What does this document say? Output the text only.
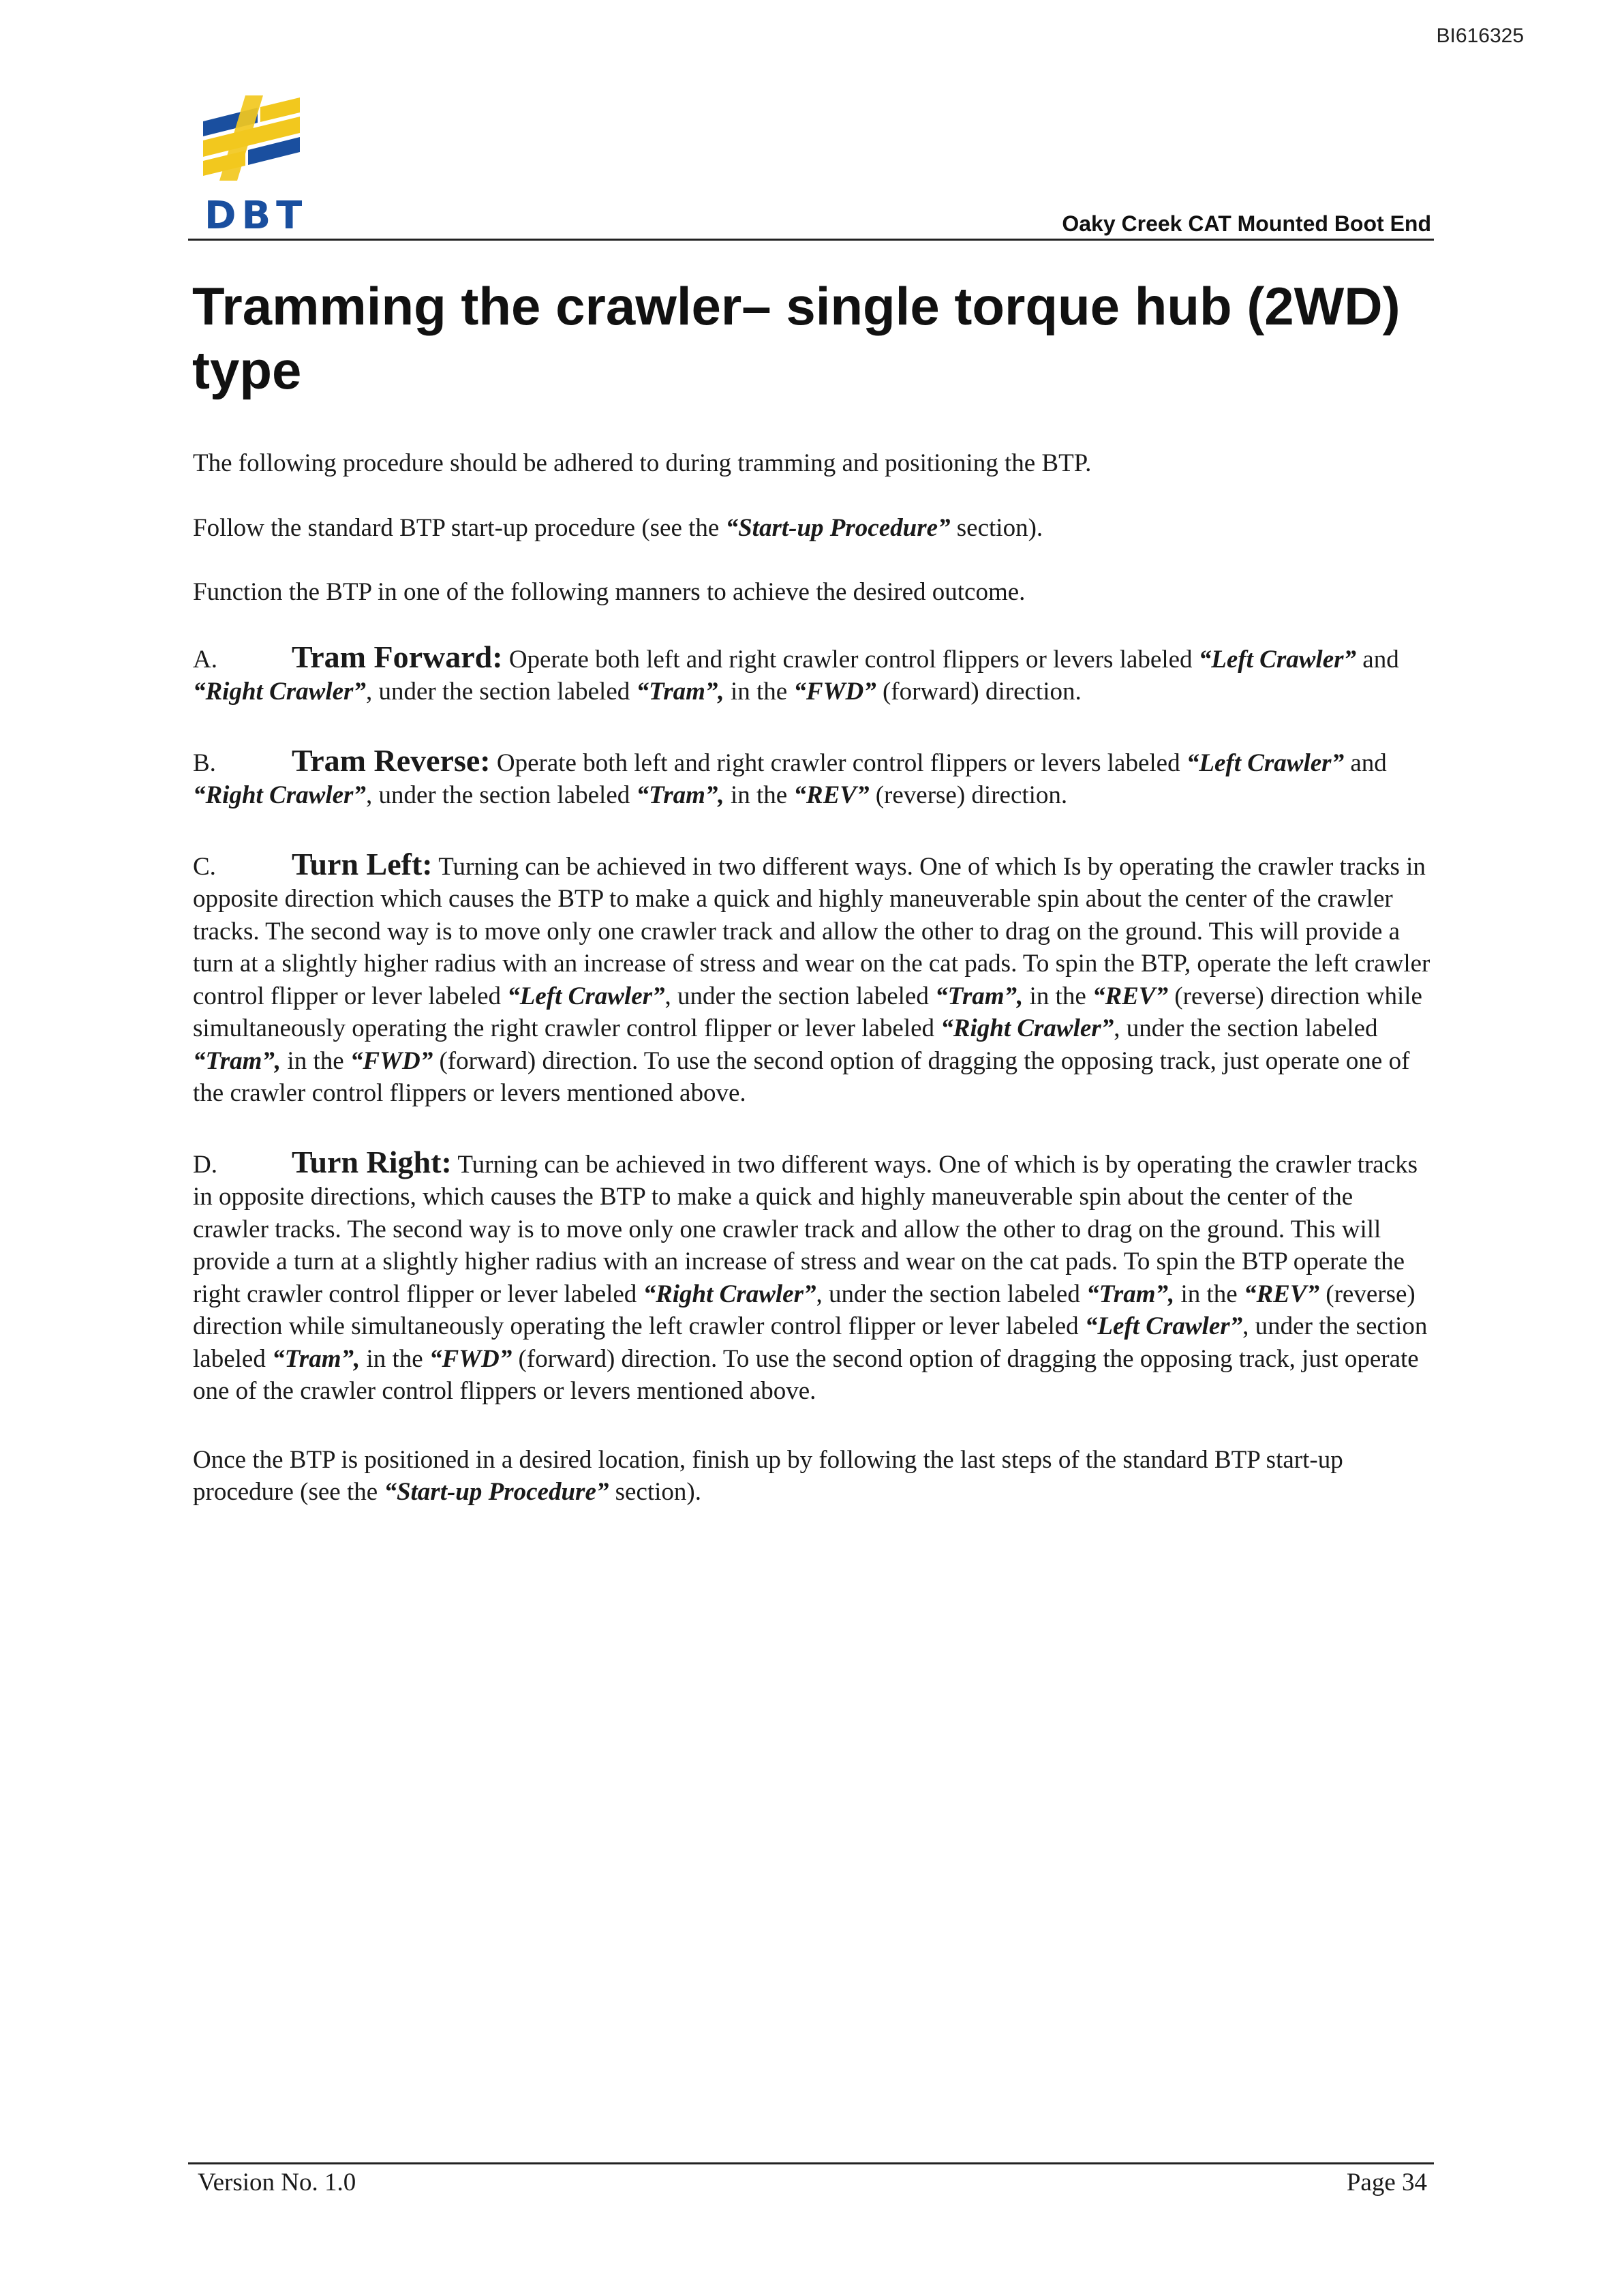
BI616325
DBT	Oaky Creek CAT Mounted Boot End
Tramming the crawler– single torque hub (2WD) type

The following procedure should be adhered to during tramming and positioning the BTP.

Follow the standard BTP start-up procedure (see the “Start-up Procedure” section).

Function the BTP in one of the following manners to achieve the desired outcome.

A. Tram Forward: Operate both left and right crawler control flippers or levers labeled “Left Crawler” and “Right Crawler”, under the section labeled “Tram”, in the “FWD” (forward) direction.

B. Tram Reverse: Operate both left and right crawler control flippers or levers labeled “Left Crawler” and “Right Crawler”, under the section labeled “Tram”, in the “REV” (reverse) direction.

C. Turn Left: Turning can be achieved in two different ways. One of which Is by operating the crawler tracks in opposite direction which causes the BTP to make a quick and highly maneuverable spin about the center of the crawler tracks. The second way is to move only one crawler track and allow the other to drag on the ground. This will provide a turn at a slightly higher radius with an increase of stress and wear on the cat pads. To spin the BTP, operate the left crawler control flipper or lever labeled “Left Crawler”, under the section labeled “Tram”, in the “REV” (reverse) direction while simultaneously operating the right crawler control flipper or lever labeled “Right Crawler”, under the section labeled “Tram”, in the “FWD” (forward) direction. To use the second option of dragging the opposing track, just operate one of the crawler control flippers or levers mentioned above.

D. Turn Right: Turning can be achieved in two different ways. One of which is by operating the crawler tracks in opposite directions, which causes the BTP to make a quick and highly maneuverable spin about the center of the crawler tracks. The second way is to move only one crawler track and allow the other to drag on the ground. This will provide a turn at a slightly higher radius with an increase of stress and wear on the cat pads. To spin the BTP operate the right crawler control flipper or lever labeled “Right Crawler”, under the section labeled “Tram”, in the “REV” (reverse) direction while simultaneously operating the left crawler control flipper or lever labeled “Left Crawler”, under the section labeled “Tram”, in the “FWD” (forward) direction. To use the second option of dragging the opposing track, just operate one of the crawler control flippers or levers mentioned above.

Once the BTP is positioned in a desired location, finish up by following the last steps of the standard BTP start-up procedure (see the “Start-up Procedure” section).

Version No. 1.0	Page 34
